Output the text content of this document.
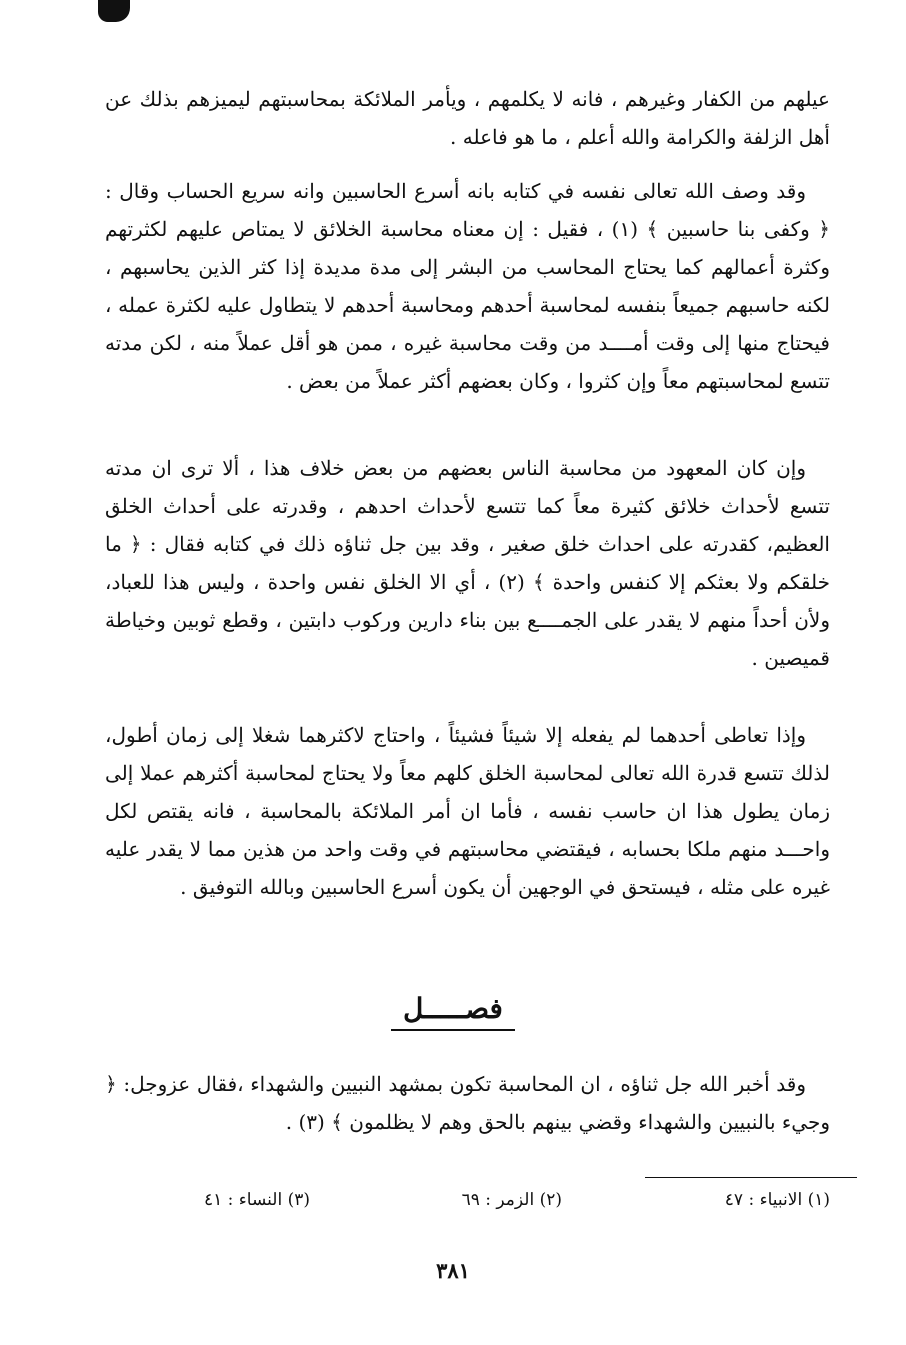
عيلهم من الكفار وغيرهم ، فانه لا يكلمهم ، ويأمر الملائكة بمحاسبتهم ليميزهم بذلك عن أهل الزلفة والكرامة والله أعلم ، ما هو فاعله .

وقد وصف الله تعالى نفسه في كتابه بانه أسرع الحاسبين وانه سريع الحساب وقال : ﴿ وكفى بنا حاسبين ﴾ (١) ، فقيل : إن معناه محاسبة الخلائق لا يمتاص عليهم لكثرتهم وكثرة أعمالهم كما يحتاج المحاسب من البشر إلى مدة مديدة إذا كثر الذين يحاسبهم ، لكنه حاسبهم جميعاً بنفسه لمحاسبة أحدهم ومحاسبة أحدهم لا يتطاول عليه لكثرة عمله ، فيحتاج منها إلى وقت أمــــد من وقت محاسبة غيره ، ممن هو أقل عملاً منه ، لكن مدته تتسع لمحاسبتهم معاً وإن كثروا ، وكان بعضهم أكثر عملاً من بعض .

وإن كان المعهود من محاسبة الناس بعضهم من بعض خلاف هذا ، ألا ترى ان مدته تتسع لأحداث خلائق كثيرة معاً كما تتسع لأحداث احدهم ، وقدرته على أحداث الخلق العظيم، كقدرته على احداث خلق صغير ، وقد بين جل ثناؤه ذلك في كتابه فقال : ﴿ ما خلقكم ولا بعثكم إلا كنفس واحدة ﴾ (٢) ، أي الا الخلق نفس واحدة ، وليس هذا للعباد، ولأن أحداً منهم لا يقدر على الجمــــع بين بناء دارين وركوب دابتين ، وقطع ثوبين وخياطة قميصين .

وإذا تعاطى أحدهما لم يفعله إلا شيئاً فشيئاً ، واحتاج لاكثرهما شغلا إلى زمان أطول، لذلك تتسع قدرة الله تعالى لمحاسبة الخلق كلهم معاً ولا يحتاج لمحاسبة أكثرهم عملا إلى زمان يطول هذا ان حاسب نفسه ، فأما ان أمر الملائكة بالمحاسبة ، فانه يقتص لكل واحـــد منهم ملكا بحسابه ، فيقتضي محاسبتهم في وقت واحد من هذين مما لا يقدر عليه غيره على مثله ، فيستحق في الوجهين أن يكون أسرع الحاسبين وبالله التوفيق .

فصـــــل

وقد أخبر الله جل ثناؤه ، ان المحاسبة تكون بمشهد النبيين والشهداء ،فقال عزوجل: ﴿ وجيء بالنبيين والشهداء وقضي بينهم بالحق وهم لا يظلمون ﴾ (٣) .

(١) الانبياء : ٤٧
(٢) الزمر : ٦٩
(٣) النساء : ٤١
٣٨١
